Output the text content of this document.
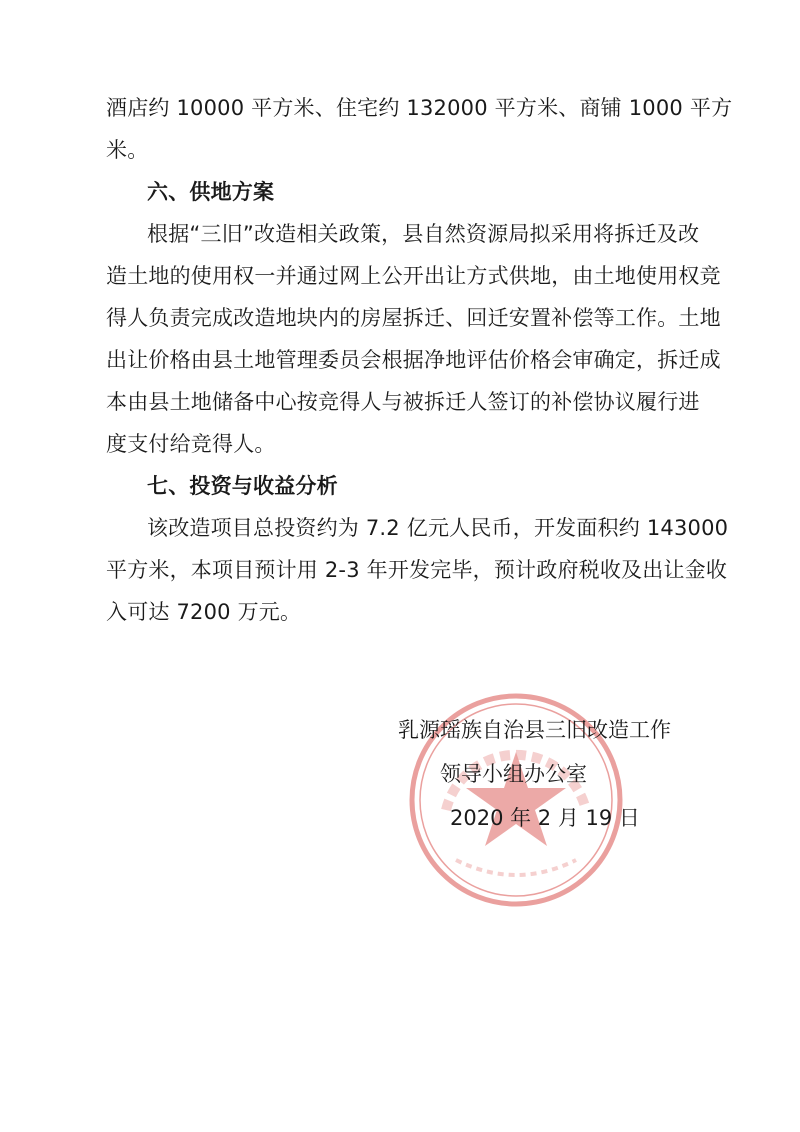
酒店约 10000 平方米、住宅约 132000 平方米、商铺 1000 平方
米。
六、供地方案
根据“三旧”改造相关政策，县自然资源局拟采用将拆迁及改
造土地的使用权一并通过网上公开出让方式供地，由土地使用权竞
得人负责完成改造地块内的房屋拆迁、回迁安置补偿等工作。土地
出让价格由县土地管理委员会根据净地评估价格会审确定，拆迁成
本由县土地储备中心按竞得人与被拆迁人签订的补偿协议履行进
度支付给竞得人。
七、投资与收益分析
该改造项目总投资约为 7.2 亿元人民币，开发面积约 143000
平方米，本项目预计用 2-3 年开发完毕，预计政府税收及出让金收
入可达 7200 万元。
乳源瑶族自治县三旧改造工作
领导小组办公室
2020 年 2 月 19 日
